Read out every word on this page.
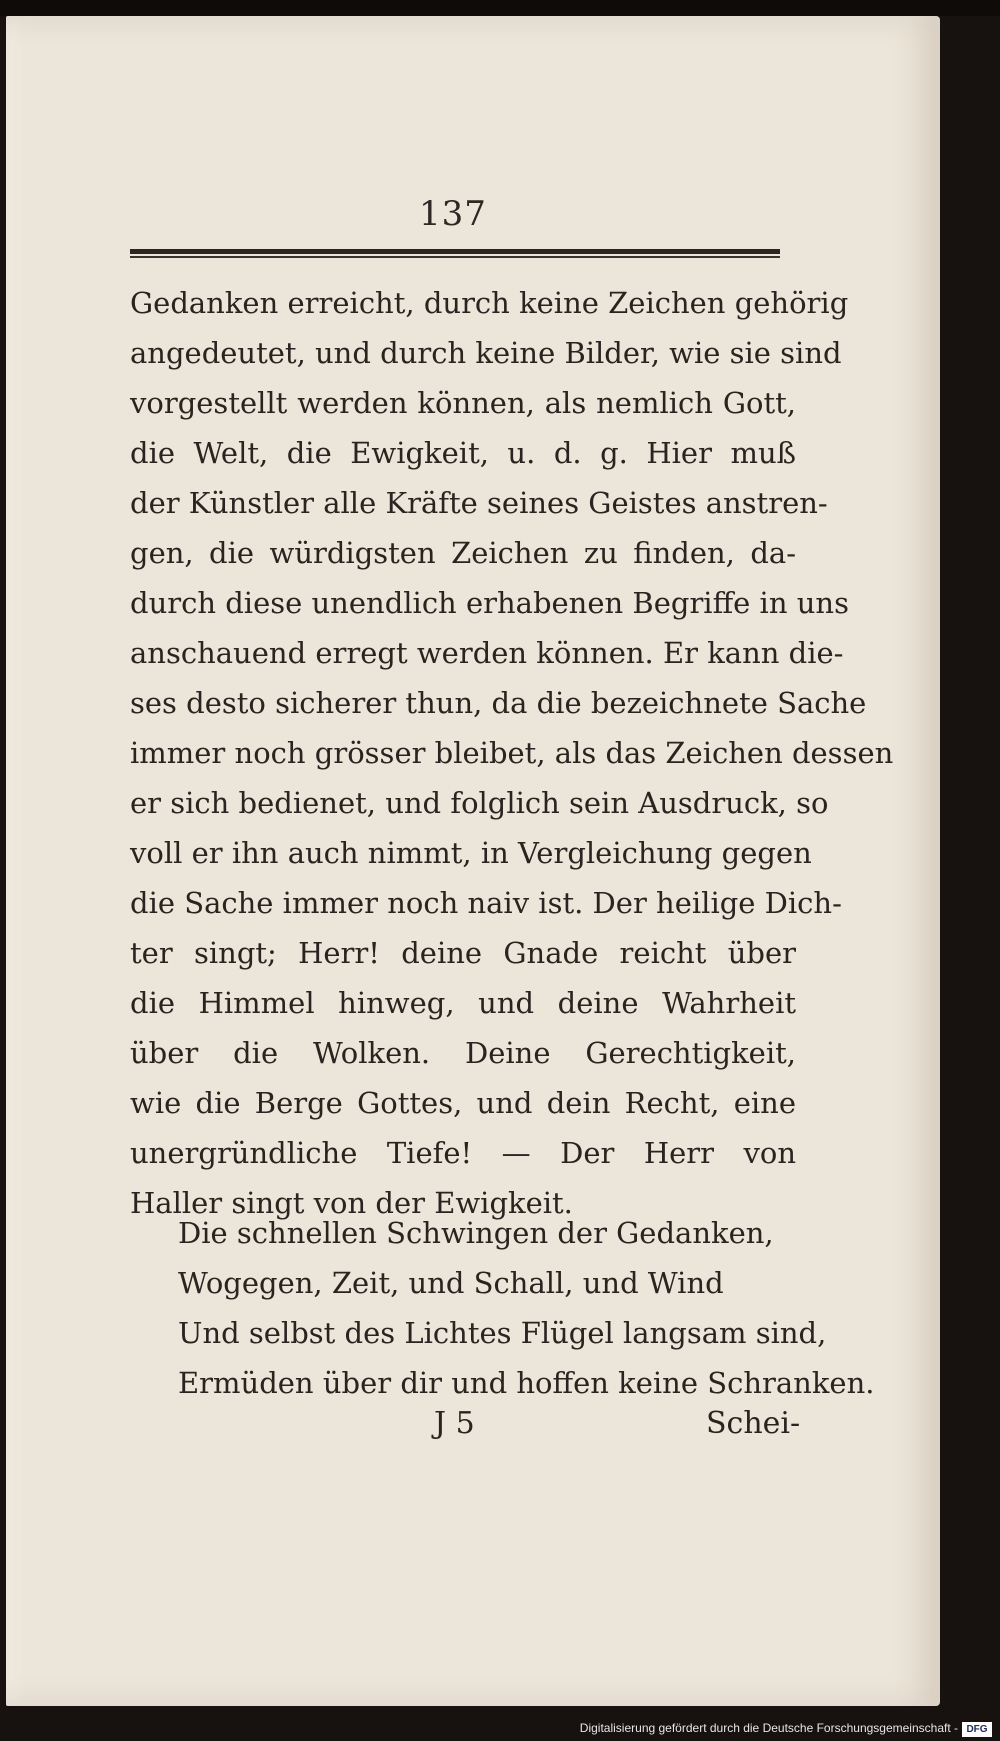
137
Gedanken erreicht, durch keine Zeichen gehörig
angedeutet, und durch keine Bilder, wie sie sind
vorgestellt werden können, als nemlich Gott,
die Welt, die Ewigkeit, u. d. g. Hier muß
der Künstler alle Kräfte seines Geistes anstren-
gen, die würdigsten Zeichen zu finden, da-
durch diese unendlich erhabenen Begriffe in uns
anschauend erregt werden können. Er kann die-
ses desto sicherer thun, da die bezeichnete Sache
immer noch grösser bleibet, als das Zeichen dessen
er sich bedienet, und folglich sein Ausdruck, so
voll er ihn auch nimmt, in Vergleichung gegen
die Sache immer noch naiv ist. Der heilige Dich-
ter singt; Herr! deine Gnade reicht über
die Himmel hinweg, und deine Wahrheit
über die Wolken. Deine Gerechtigkeit,
wie die Berge Gottes, und dein Recht, eine
unergründliche Tiefe! — Der Herr von
Haller singt von der Ewigkeit.
Die schnellen Schwingen der Gedanken,
Wogegen, Zeit, und Schall, und Wind
Und selbst des Lichtes Flügel langsam sind,
Ermüden über dir und hoffen keine Schranken.
J 5	Schei-
Digitalisierung gefördert durch die Deutsche Forschungsgemeinschaft - DFG
